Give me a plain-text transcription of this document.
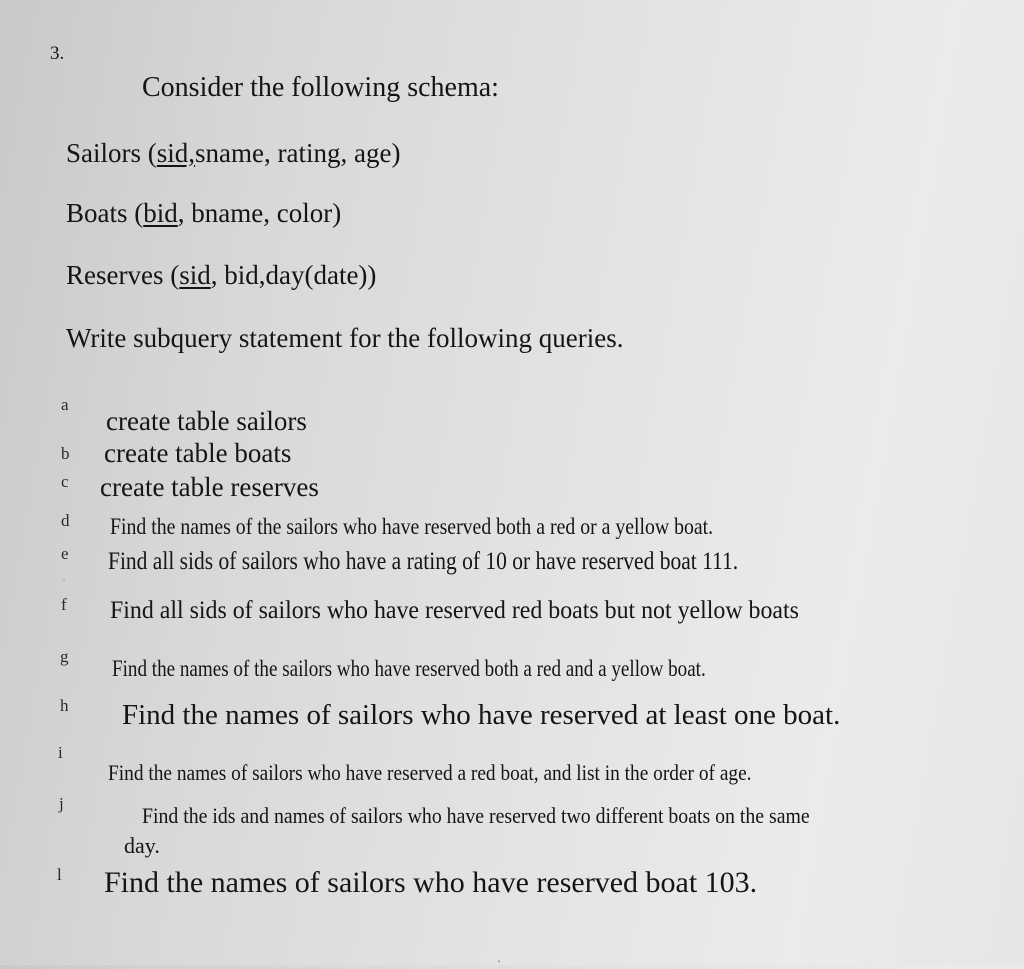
3.
Consider the following schema:
Sailors (sid,sname, rating, age)
Boats (bid, bname, color)
Reserves (sid, bid,day(date))
Write subquery statement for the following queries.
a
create table sailors
b create table boats
c create table reserves
d Find the names of the sailors who have reserved both a red or a yellow boat.
e Find all sids of sailors who have a rating of 10 or have reserved boat 111.
·
f Find all sids of sailors who have reserved red boats but not yellow boats
g Find the names of the sailors who have reserved both a red and a yellow boat.
h Find the names of sailors who have reserved at least one boat.
i
Find the names of sailors who have reserved a red boat, and list in the order of age.
j	Find the ids and names of sailors who have reserved two different boats on the same
day.
l Find the names of sailors who have reserved boat 103.
·
